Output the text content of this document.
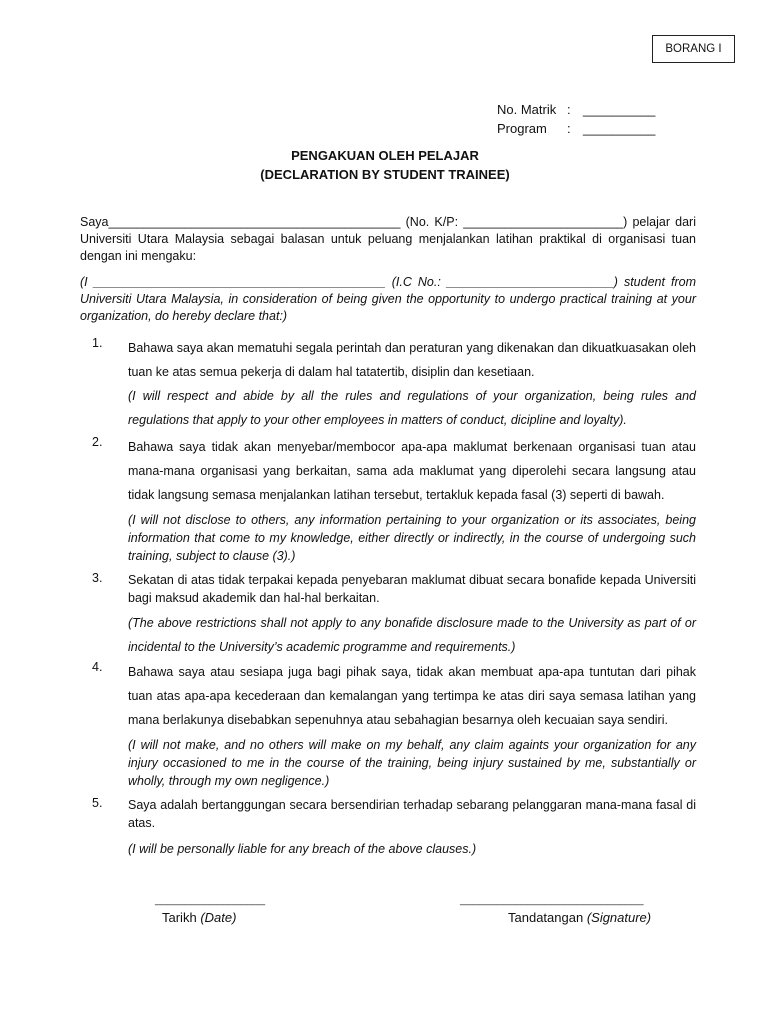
BORANG I
No. Matrik : __________
Program	: __________
PENGAKUAN OLEH PELAJAR
(DECLARATION BY STUDENT TRAINEE)
Saya__________________________________________ (No. K/P: _______________________) pelajar dari Universiti Utara Malaysia sebagai balasan untuk peluang menjalankan latihan praktikal di organisasi tuan dengan ini mengaku:
(I __________________________________________ (I.C No.: ________________________) student from Universiti Utara Malaysia, in consideration of being given the opportunity to undergo practical training at your organization, do hereby declare that:)
1. Bahawa saya akan mematuhi segala perintah dan peraturan yang dikenakan dan dikuatkuasakan oleh tuan ke atas semua pekerja di dalam hal tatatertib, disiplin dan kesetiaan.
(I will respect and abide by all the rules and regulations of your organization, being rules and regulations that apply to your other employees in matters of conduct, dicipline and loyalty).
2. Bahawa saya tidak akan menyebar/membocor apa-apa maklumat berkenaan organisasi tuan atau mana-mana organisasi yang berkaitan, sama ada maklumat yang diperolehi secara langsung atau tidak langsung semasa menjalankan latihan tersebut, tertakluk kepada fasal (3) seperti di bawah.
(I will not disclose to others, any information pertaining to your organization or its associates, being information that come to my knowledge, either directly or indirectly, in the course of undergoing such training, subject to clause (3).)
3. Sekatan di atas tidak terpakai kepada penyebaran maklumat dibuat secara bonafide kepada Universiti bagi maksud akademik dan hal-hal berkaitan.
(The above restrictions shall not apply to any bonafide disclosure made to the University as part of or incidental to the University’s academic programme and requirements.)
4. Bahawa saya atau sesiapa juga bagi pihak saya, tidak akan membuat apa-apa tuntutan dari pihak tuan atas apa-apa kecederaan dan kemalangan yang tertimpa ke atas diri saya semasa latihan yang mana berlakunya disebabkan sepenuhnya atau sebahagian besarnya oleh kecuaian saya sendiri.
(I will not make, and no others will make on my behalf, any claim againts your organization for any injury occasioned to me in the course of the training, being injury sustained by me, substantially or wholly, through my own negligence.)
5. Saya adalah bertanggungan secara bersendirian terhadap sebarang pelanggaran mana-mana fasal di atas.
(I will be personally liable for any breach of the above clauses.)
__________________
Tarikh (Date)
______________________________
Tandatangan (Signature)
